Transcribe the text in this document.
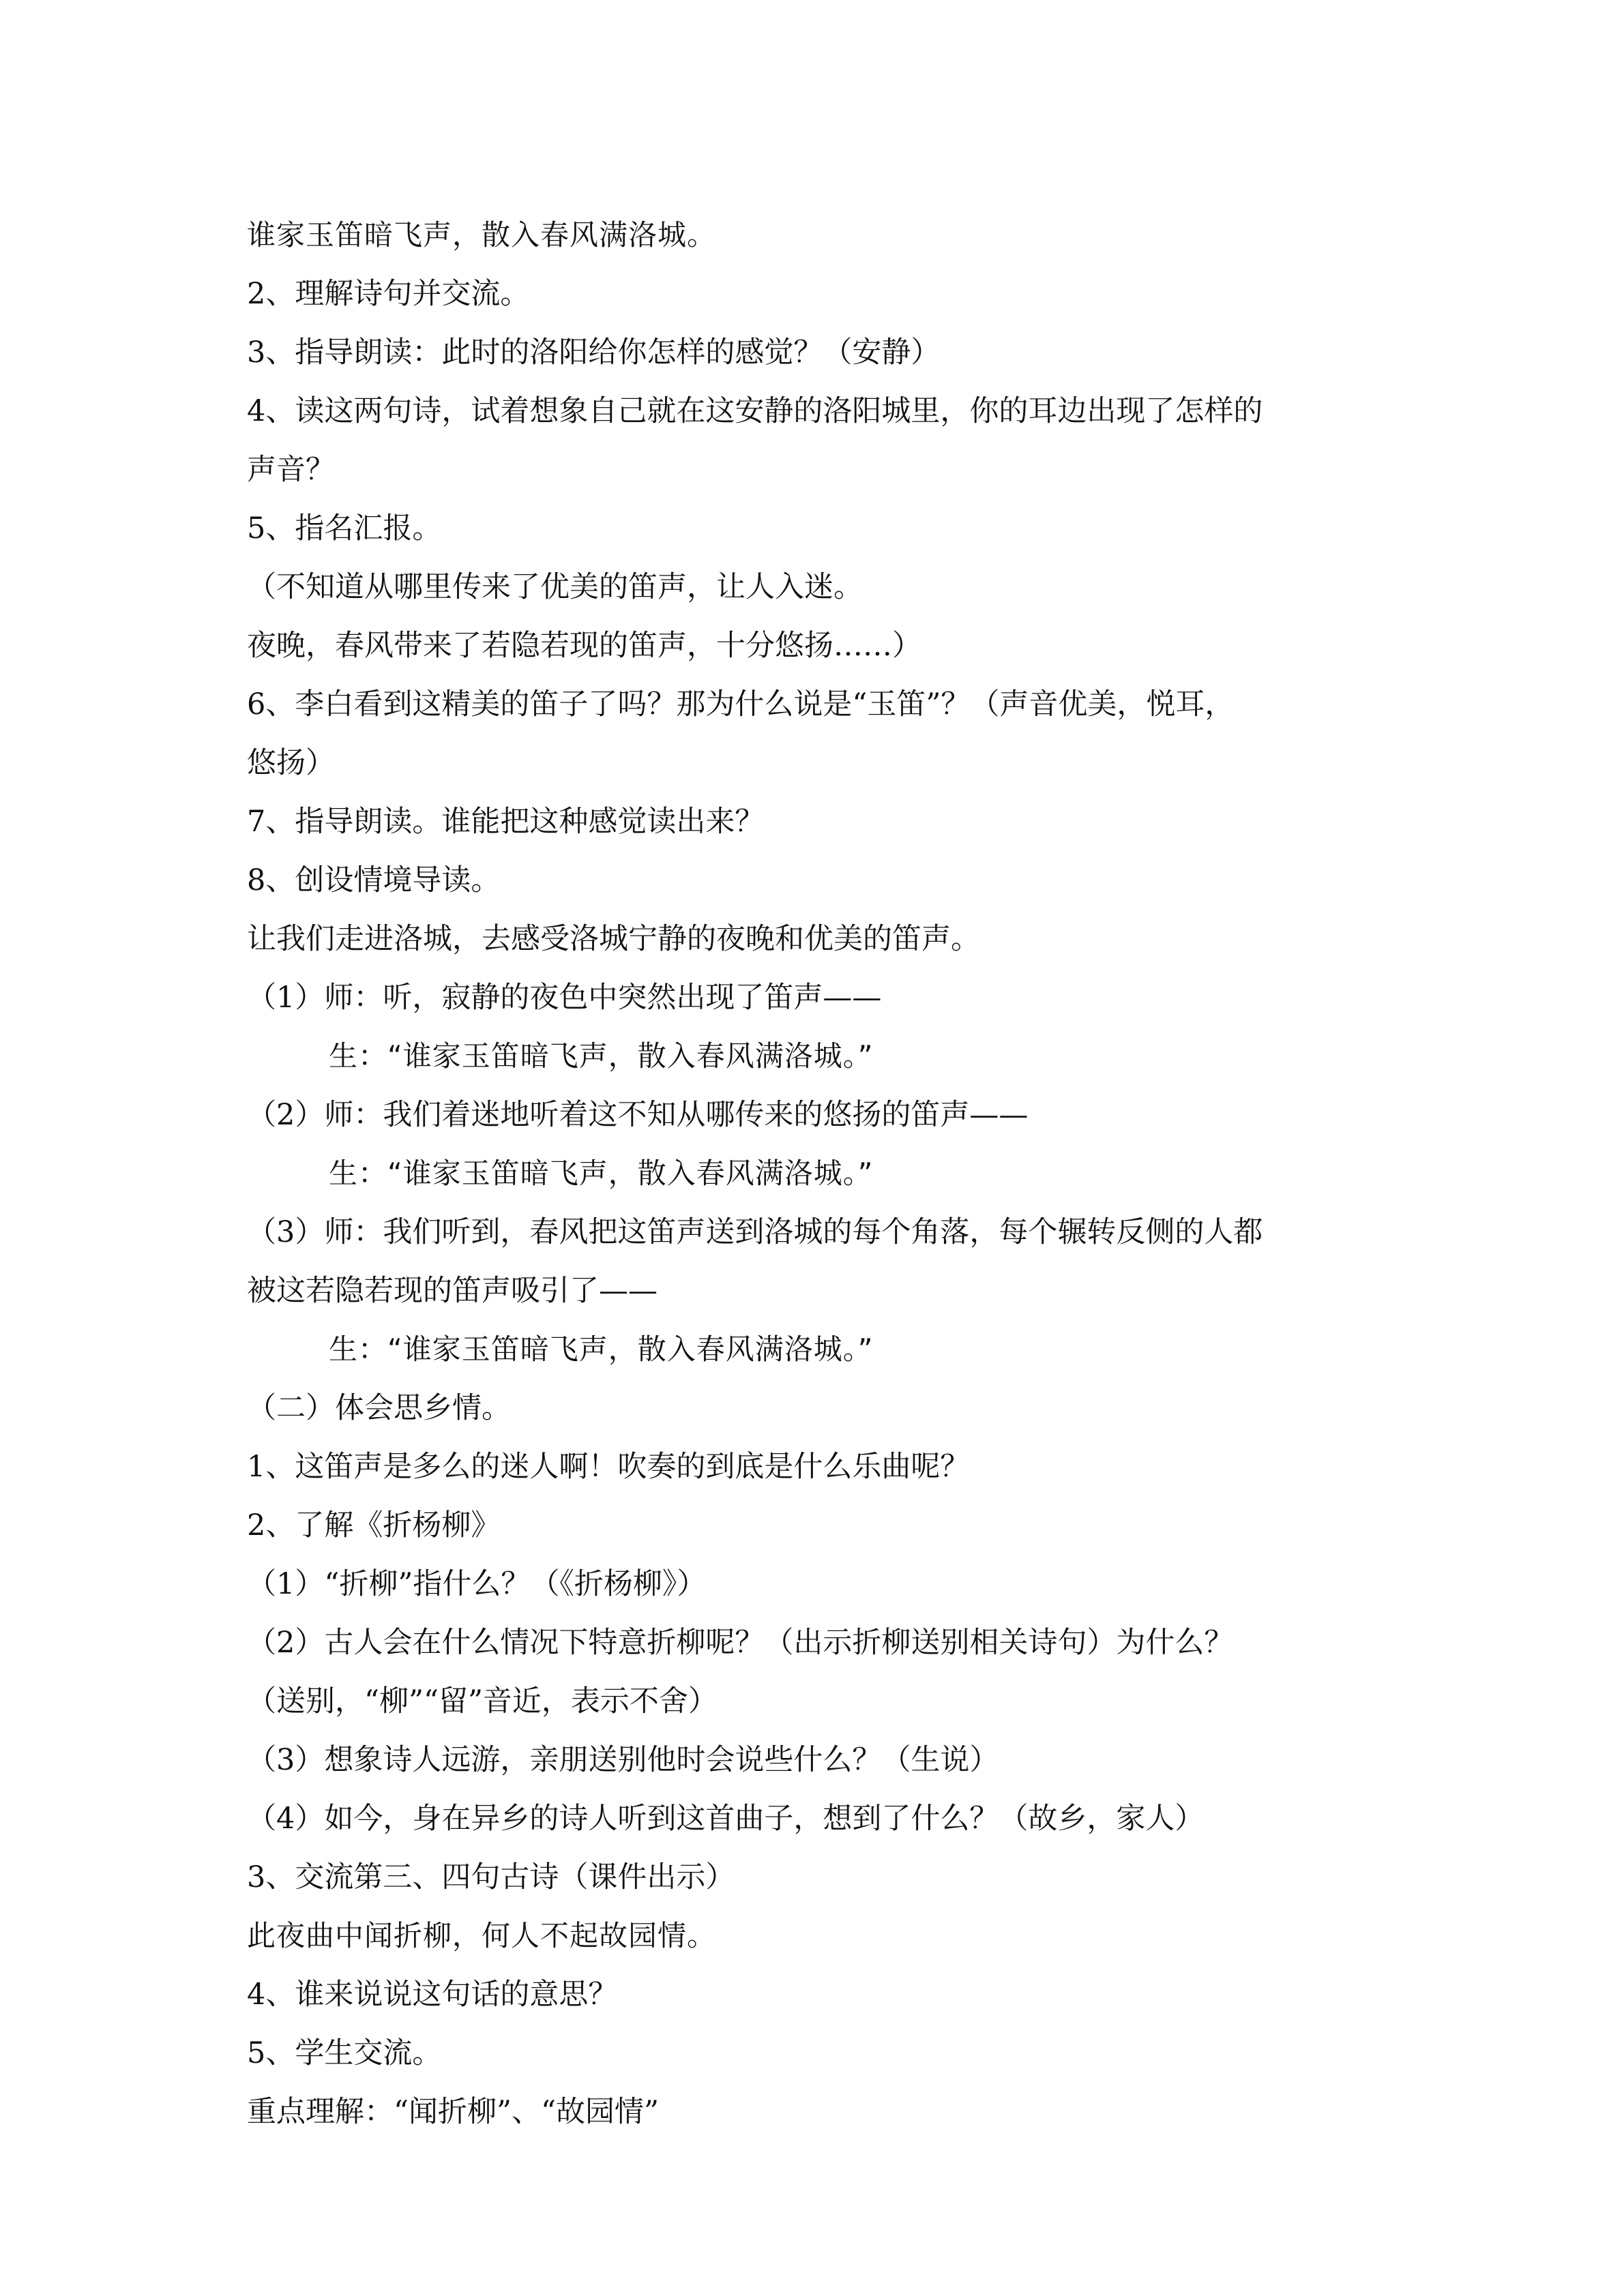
谁家玉笛暗飞声，散入春风满洛城。

2、理解诗句并交流。

3、指导朗读：此时的洛阳给你怎样的感觉？（安静）

4、读这两句诗，试着想象自己就在这安静的洛阳城里，你的耳边出现了怎样的

声音？

5、指名汇报。

（不知道从哪里传来了优美的笛声，让人入迷。

夜晚，春风带来了若隐若现的笛声，十分悠扬……）

6、李白看到这精美的笛子了吗？那为什么说是“玉笛”？（声音优美，悦耳，

悠扬）

7、指导朗读。谁能把这种感觉读出来？

8、创设情境导读。

让我们走进洛城，去感受洛城宁静的夜晚和优美的笛声。

（1）师：听，寂静的夜色中突然出现了笛声——

生：“谁家玉笛暗飞声，散入春风满洛城。”

（2）师：我们着迷地听着这不知从哪传来的悠扬的笛声——

生：“谁家玉笛暗飞声，散入春风满洛城。”

（3）师：我们听到，春风把这笛声送到洛城的每个角落，每个辗转反侧的人都

被这若隐若现的笛声吸引了——

生：“谁家玉笛暗飞声，散入春风满洛城。”

（二）体会思乡情。

1、这笛声是多么的迷人啊！吹奏的到底是什么乐曲呢？

2、了解《折杨柳》

（1）“折柳”指什么？（《折杨柳》）

（2）古人会在什么情况下特意折柳呢？（出示折柳送别相关诗句）为什么？

（送别，“柳”“留”音近，表示不舍）

（3）想象诗人远游，亲朋送别他时会说些什么？（生说）

（4）如今，身在异乡的诗人听到这首曲子，想到了什么？（故乡，家人）

3、交流第三、四句古诗（课件出示）

此夜曲中闻折柳，何人不起故园情。

4、谁来说说这句话的意思？

5、学生交流。

重点理解：“闻折柳”、“故园情”
